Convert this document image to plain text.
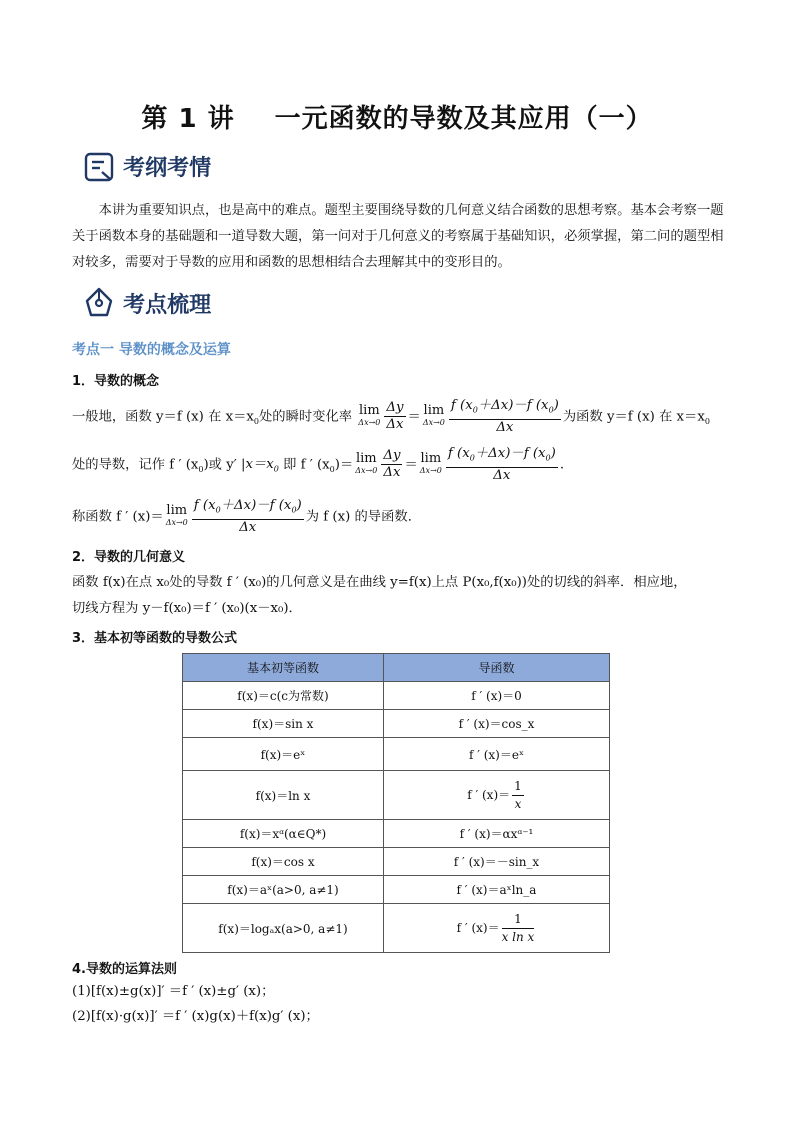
第 1 讲 一元函数的导数及其应用（一）
考纲考情
本讲为重要知识点，也是高中的难点。题型主要围绕导数的几何意义结合函数的思想考察。基本会考察一题关于函数本身的基础题和一道导数大题，第一问对于几何意义的考察属于基础知识，必须掌握，第二问的题型相对较多，需要对于导数的应用和函数的思想相结合去理解其中的变形目的。
考点梳理
考点一 导数的概念及运算
1．导数的概念
一般地，函数 y＝f (x) 在 $x=x_0$处的瞬时变化率 lim
$\Delta x\to 0 \frac{\Delta y}{\Delta x} = \lim$
$\Delta x\to 0 \frac{f (x_0+\Delta x)-f (x_0)}{\Delta x}$ 为函数 y＝f (x) 在 $x=x_0$
处的导数，记作 f ′ $(x_0)$或 y′ $|x=x_0$ 即 f ′ $(x_0)= \lim$
$\Delta x\to 0 \frac{\Delta y}{\Delta x} = \lim$
$\Delta x\to 0 \frac{f (x_0+\Delta x)-f (x_0)}{\Delta x}$ .
称函数 f ′ (x)＝ lim
$\Delta x\to 0 \frac{f (x_0+\Delta x)-f (x_0)}{\Delta x}$ 为 f (x) 的导函数．
2．导数的几何意义
函数 f(x)在点 x₀处的导数 f ′ (x₀)的几何意义是在曲线 y=f(x)上点 P(x₀,f(x₀))处的切线的斜率．相应地，
切线方程为 y－f(x₀)＝f ′ (x₀)(x－x₀)．
3．基本初等函数的导数公式
基本初等函数	导函数
f(x)＝c(c为常数)	f ′ (x)＝0
f(x)＝sin x	f ′ (x)＝cos_x
f(x)＝eˣ	f ′ (x)＝eˣ
f(x)＝ln x	f ′ $(x)= \frac{1}{x}$

f(x)＝xᵅ(α∈Q*)	f ′ (x)＝αxᵅ⁻¹
f(x)＝cos x	f ′ (x)＝－sin_x
f(x)＝aˣ(a>0, a≠1)	f ′ (x)＝aˣln_a
f(x)＝logₐx(a>0, a≠1)	f ′ $(x)= \frac{1}{\text{x ln x}}$
4.导数的运算法则
(1)[f(x)±g(x)]′ ＝f ′ (x)±g′ (x)；
(2)[f(x)·g(x)]′ ＝f ′ (x)g(x)＋f(x)g′ (x)；
